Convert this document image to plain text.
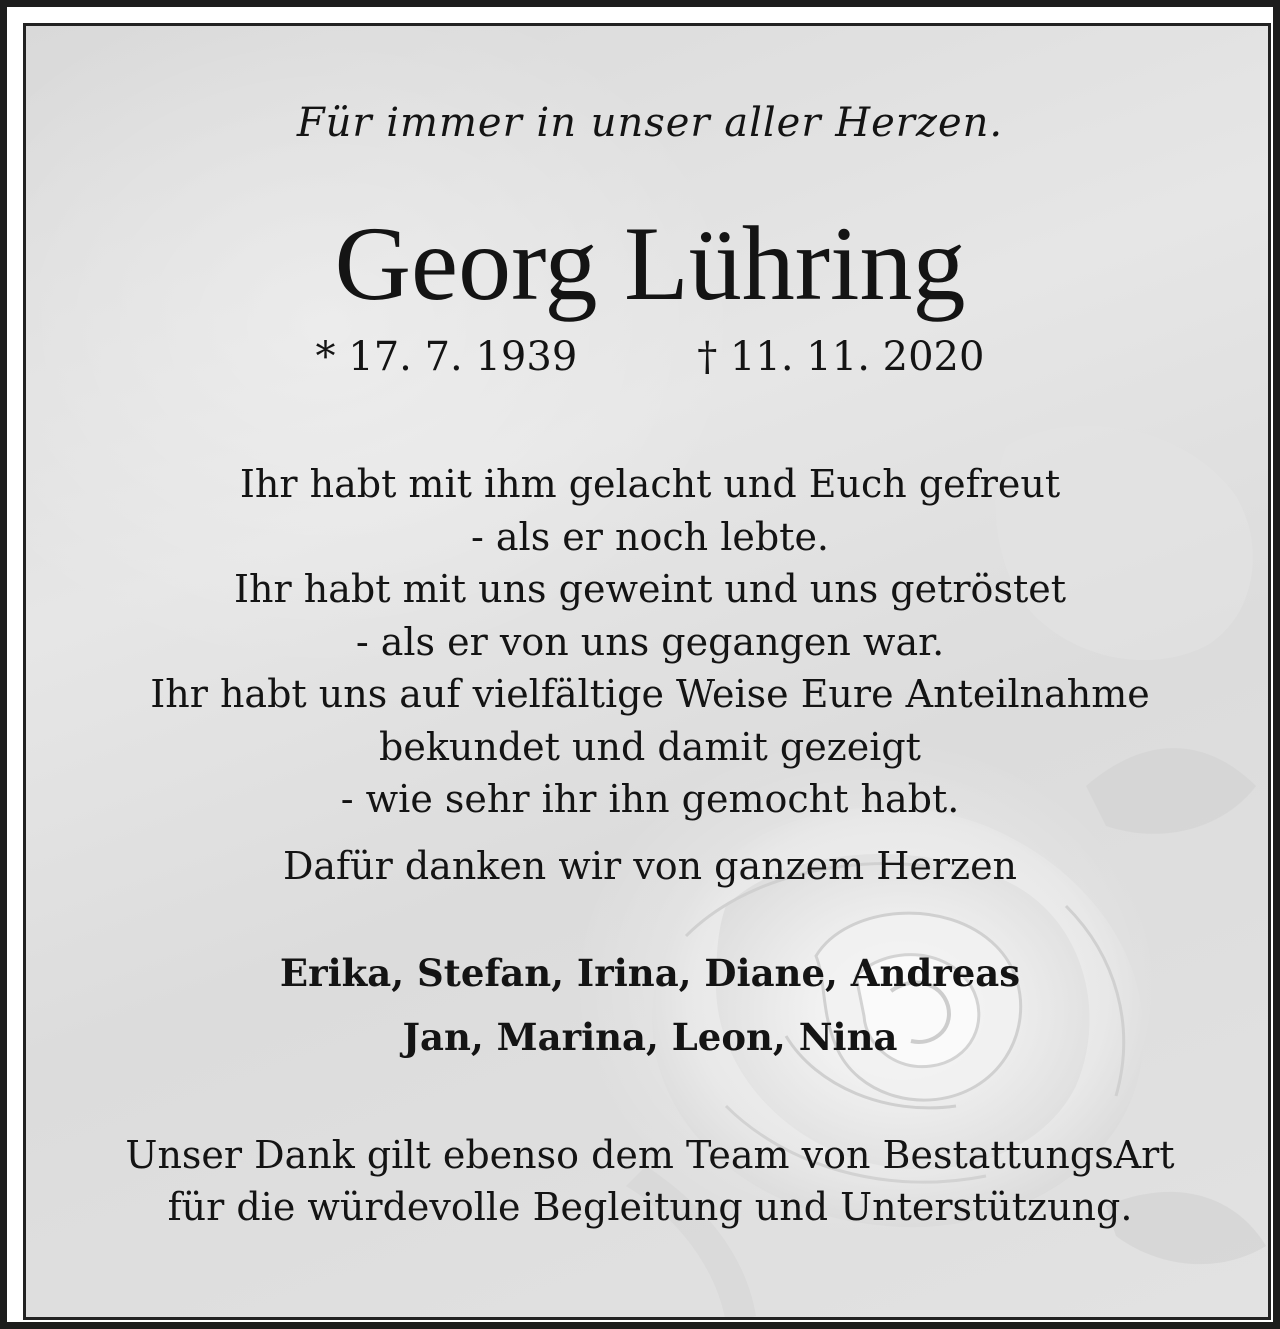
Für immer in unser aller Herzen.
Georg Lühring
* 17. 7. 1939	† 11. 11. 2020
Ihr habt mit ihm gelacht und Euch gefreut
- als er noch lebte.
Ihr habt mit uns geweint und uns getröstet
- als er von uns gegangen war.
Ihr habt uns auf vielfältige Weise Eure Anteilnahme
bekundet und damit gezeigt
- wie sehr ihr ihn gemocht habt.
Dafür danken wir von ganzem Herzen
Erika, Stefan, Irina, Diane, Andreas
Jan, Marina, Leon, Nina
Unser Dank gilt ebenso dem Team von BestattungsArt
für die würdevolle Begleitung und Unterstützung.
